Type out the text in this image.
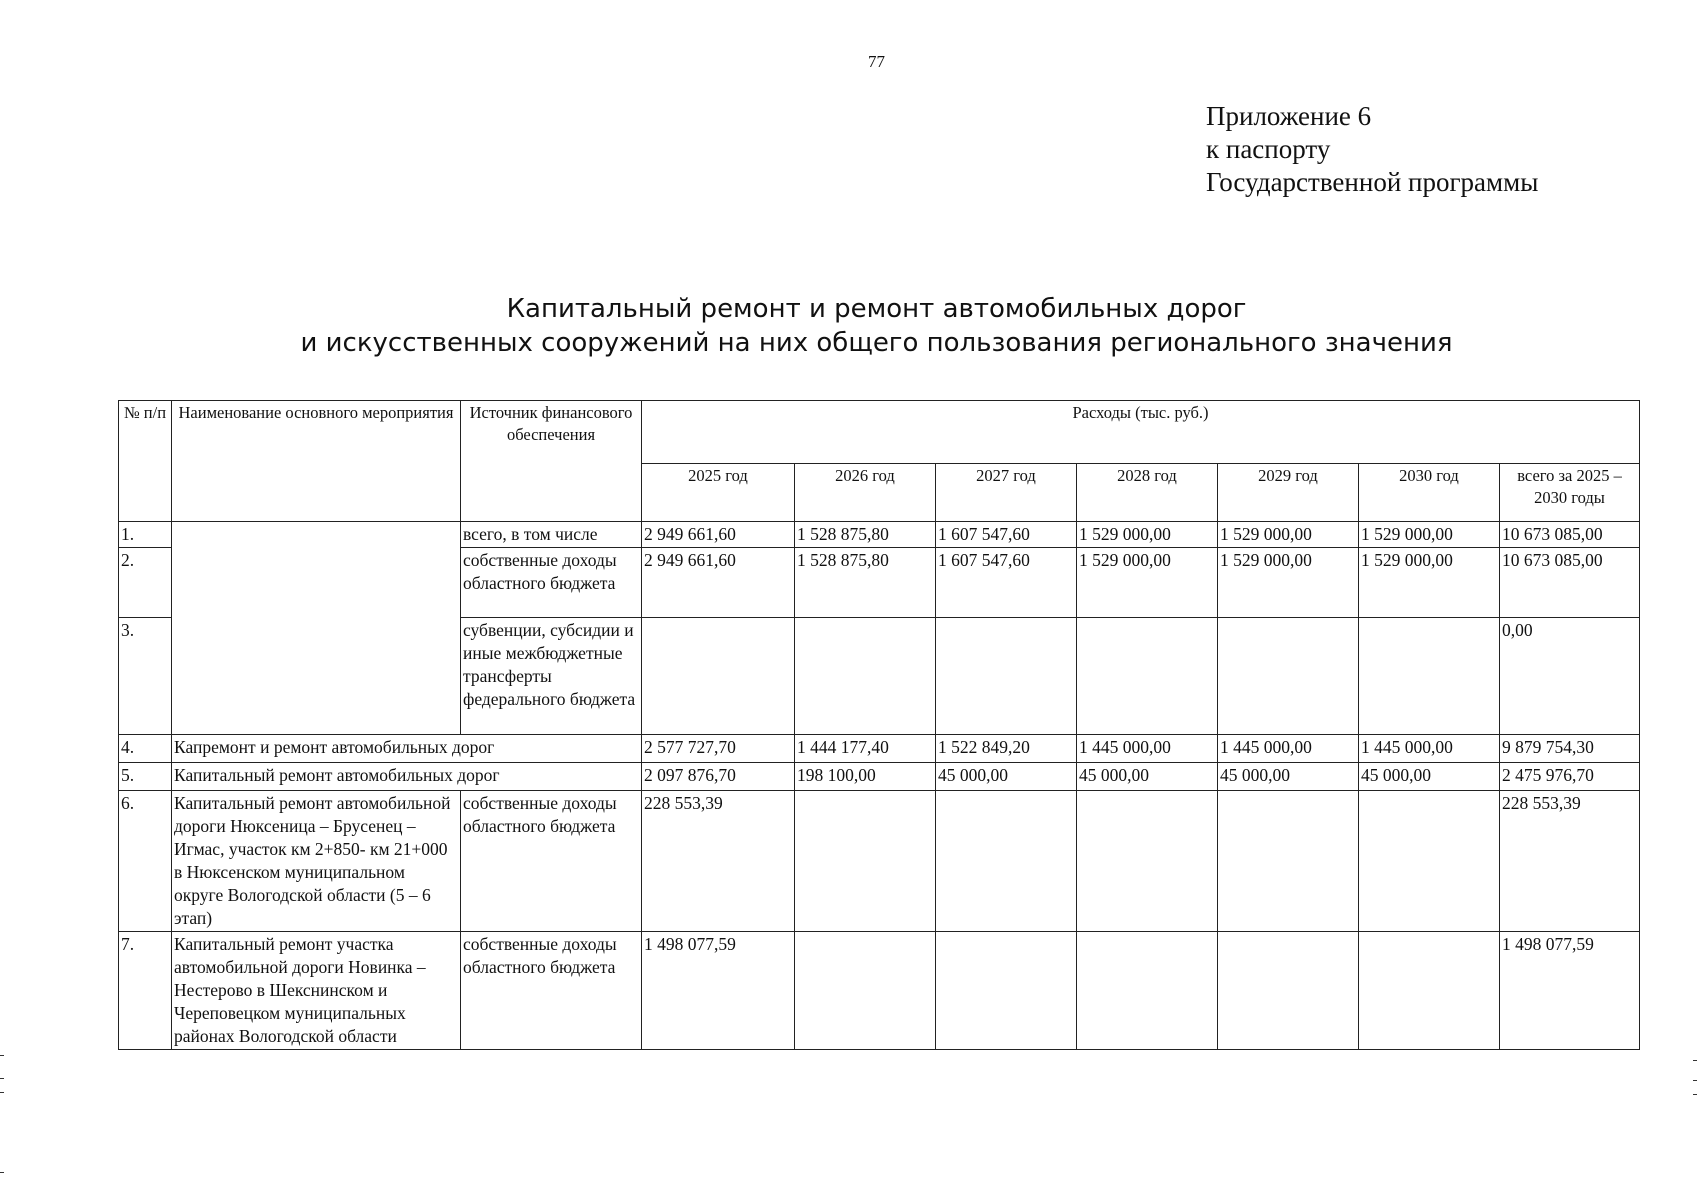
77
Приложение 6
к паспорту
Государственной программы
Капитальный ремонт и ремонт автомобильных дорог
и искусственных сооружений на них общего пользования регионального значения
№ п/п	Наименование основного мероприятия	Источник финансового обеспечения	Расходы (тыс. руб.)						
			2025 год	2026 год	2027 год	2028 год	2029 год	2030 год	всего за 2025 – 2030 годы
1.		всего, в том числе	2 949 661,60	1 528 875,80	1 607 547,60	1 529 000,00	1 529 000,00	1 529 000,00	10 673 085,00
2.		собственные доходы областного бюджета	2 949 661,60	1 528 875,80	1 607 547,60	1 529 000,00	1 529 000,00	1 529 000,00	10 673 085,00
3.		субвенции, субсидии и иные межбюджетные трансферты федерального бюджета							0,00
4.	Капремонт и ремонт автомобильных дорог		2 577 727,70	1 444 177,40	1 522 849,20	1 445 000,00	1 445 000,00	1 445 000,00	9 879 754,30
5.	Капитальный ремонт автомобильных дорог		2 097 876,70	198 100,00	45 000,00	45 000,00	45 000,00	45 000,00	2 475 976,70
6.	Капитальный ремонт автомобильной дороги Нюксеница – Брусенец – Игмас, участок км 2+850- км 21+000 в Нюксенском муниципальном округе Вологодской области (5 – 6 этап)	собственные доходы областного бюджета	228 553,39						228 553,39
7.	Капитальный ремонт участка автомобильной дороги Новинка – Нестерово в Шекснинском и Череповецком муниципальных районах Вологодской области	собственные доходы областного бюджета	1 498 077,59						1 498 077,59
